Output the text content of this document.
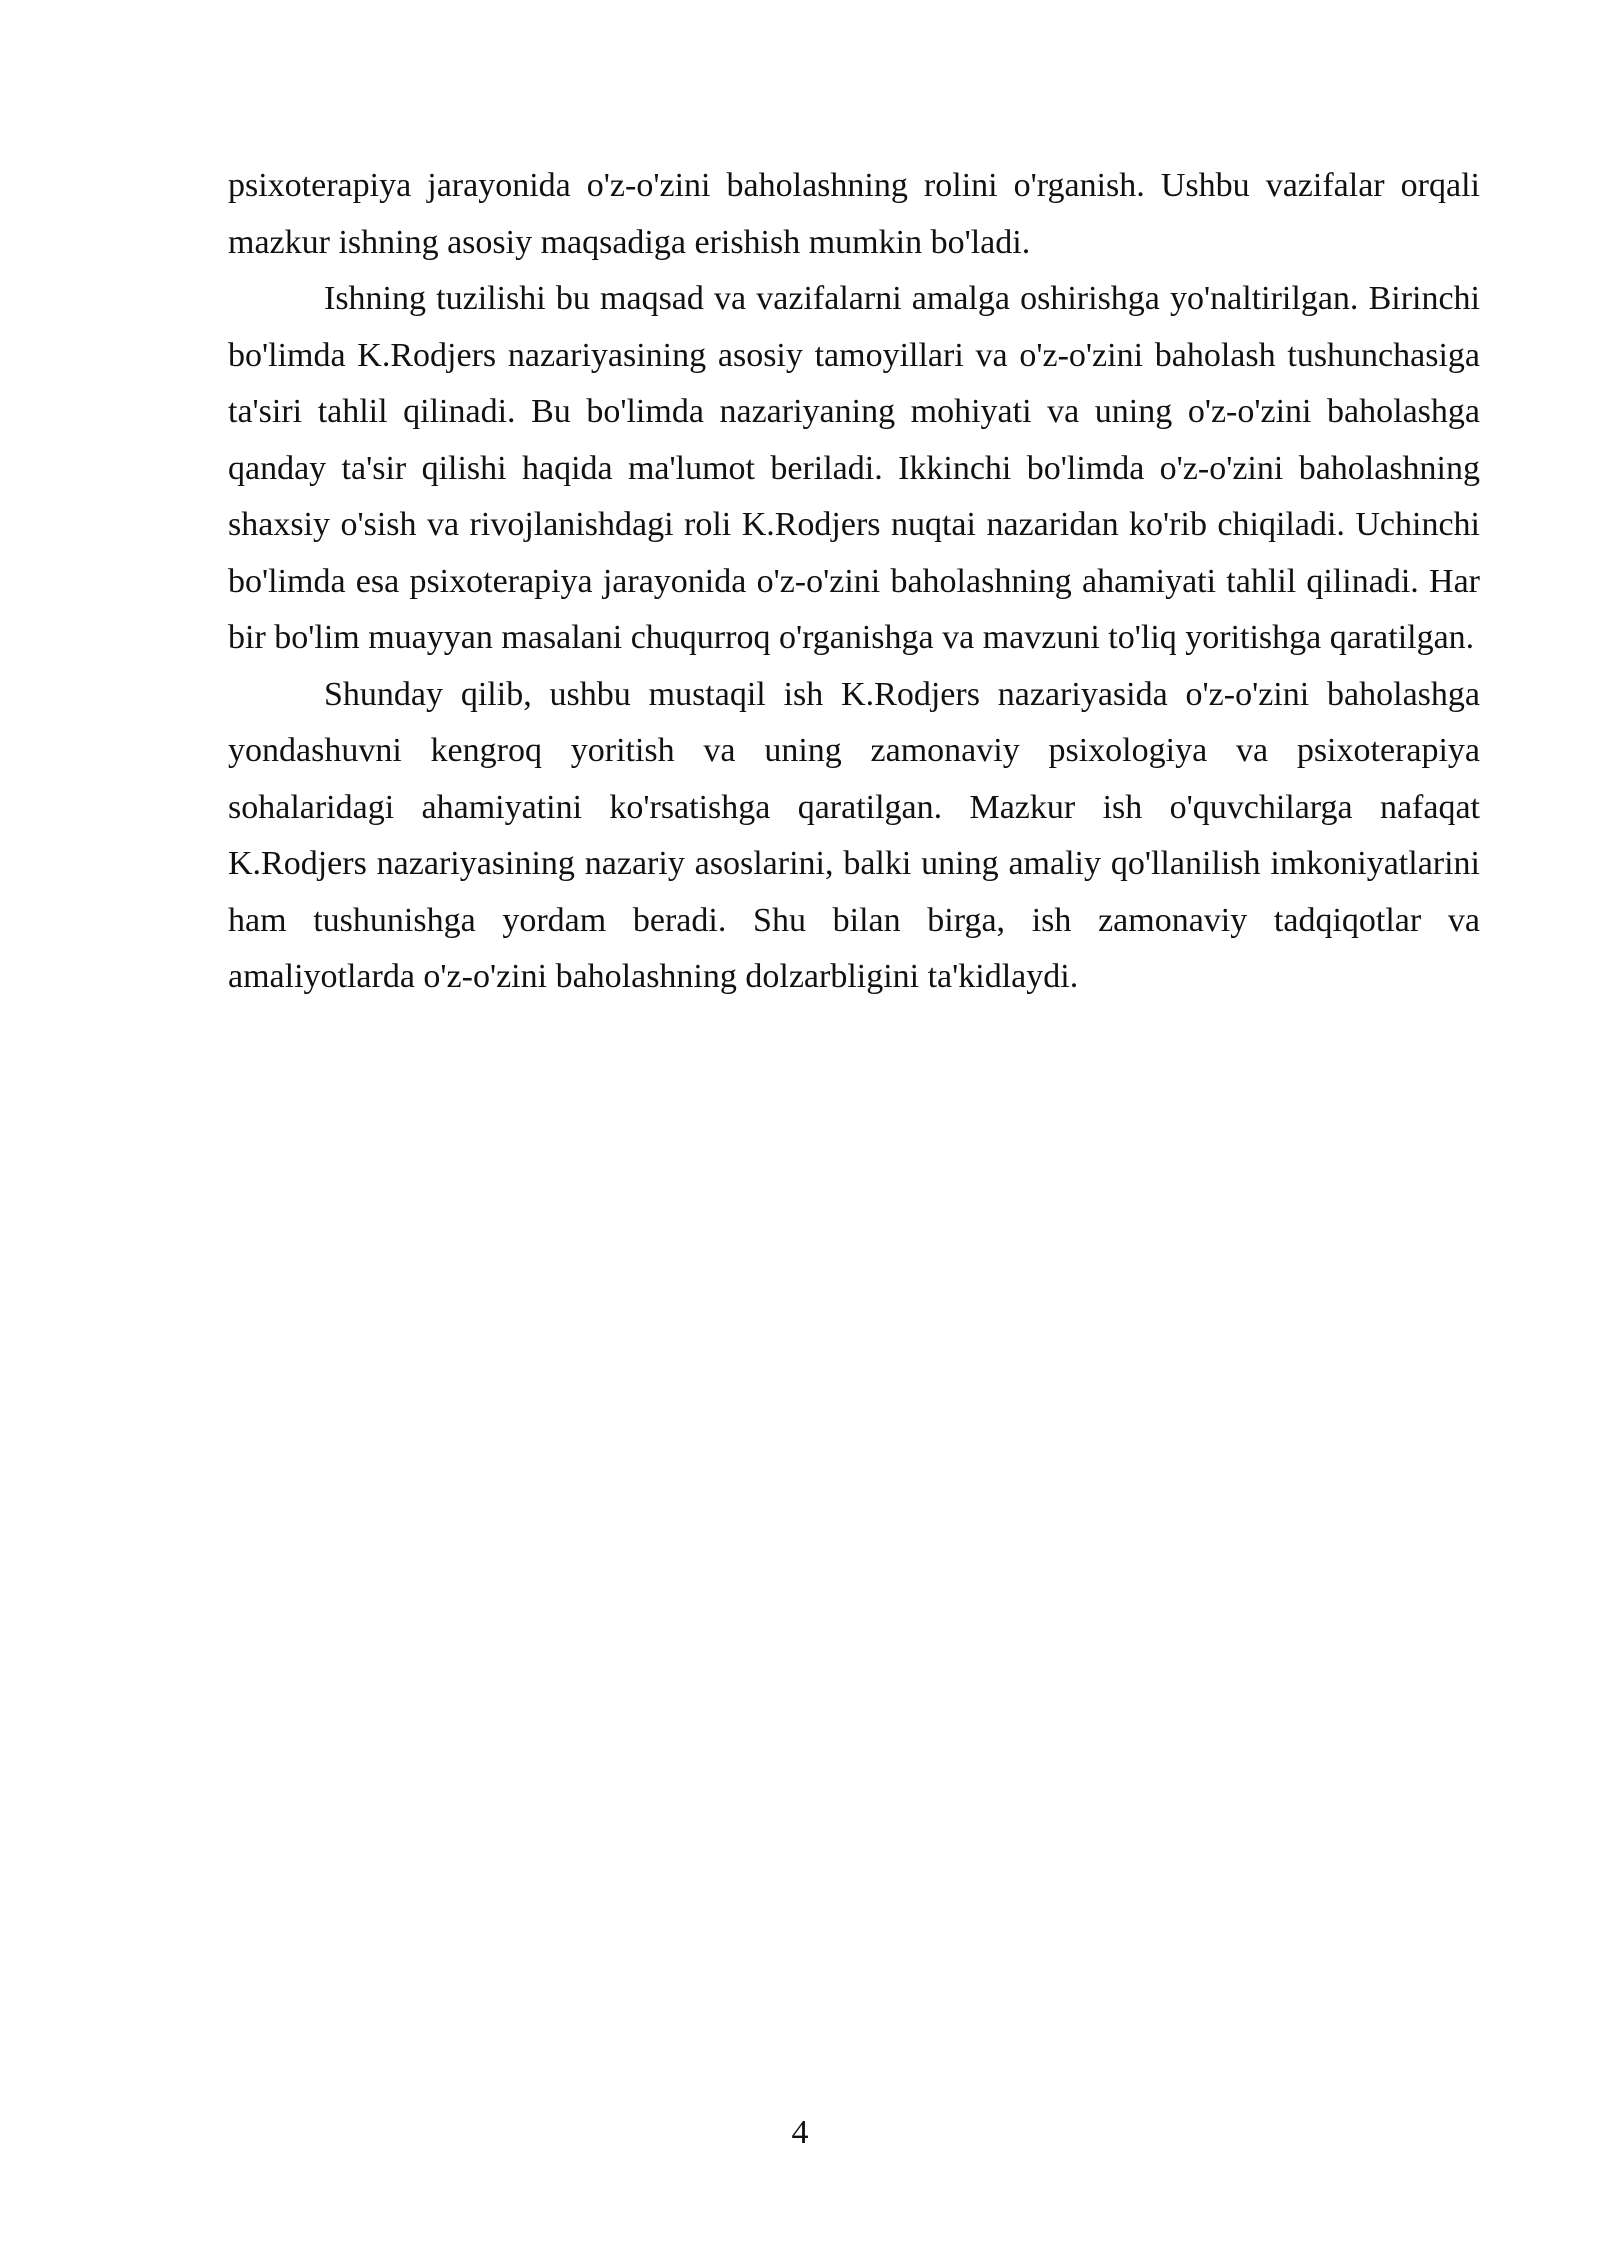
psixoterapiya jarayonida o'z-o'zini baholashning rolini o'rganish. Ushbu vazifalar orqali mazkur ishning asosiy maqsadiga erishish mumkin bo'ladi.

Ishning tuzilishi bu maqsad va vazifalarni amalga oshirishga yo'naltirilgan. Birinchi bo'limda K.Rodjers nazariyasining asosiy tamoyillari va o'z-o'zini baholash tushunchasiga ta'siri tahlil qilinadi. Bu bo'limda nazariyaning mohiyati va uning o'z-o'zini baholashga qanday ta'sir qilishi haqida ma'lumot beriladi. Ikkinchi bo'limda o'z-o'zini baholashning shaxsiy o'sish va rivojlanishdagi roli K.Rodjers nuqtai nazaridan ko'rib chiqiladi. Uchinchi bo'limda esa psixoterapiya jarayonida o'z-o'zini baholashning ahamiyati tahlil qilinadi. Har bir bo'lim muayyan masalani chuqurroq o'rganishga va mavzuni to'liq yoritishga qaratilgan.

Shunday qilib, ushbu mustaqil ish K.Rodjers nazariyasida o'z-o'zini baholashga yondashuvni kengroq yoritish va uning zamonaviy psixologiya va psixoterapiya sohalaridagi ahamiyatini ko'rsatishga qaratilgan. Mazkur ish o'quvchilarga nafaqat K.Rodjers nazariyasining nazariy asoslarini, balki uning amaliy qo'llanilish imkoniyatlarini ham tushunishga yordam beradi. Shu bilan birga, ish zamonaviy tadqiqotlar va amaliyotlarda o'z-o'zini baholashning dolzarbligini ta'kidlaydi.

4
